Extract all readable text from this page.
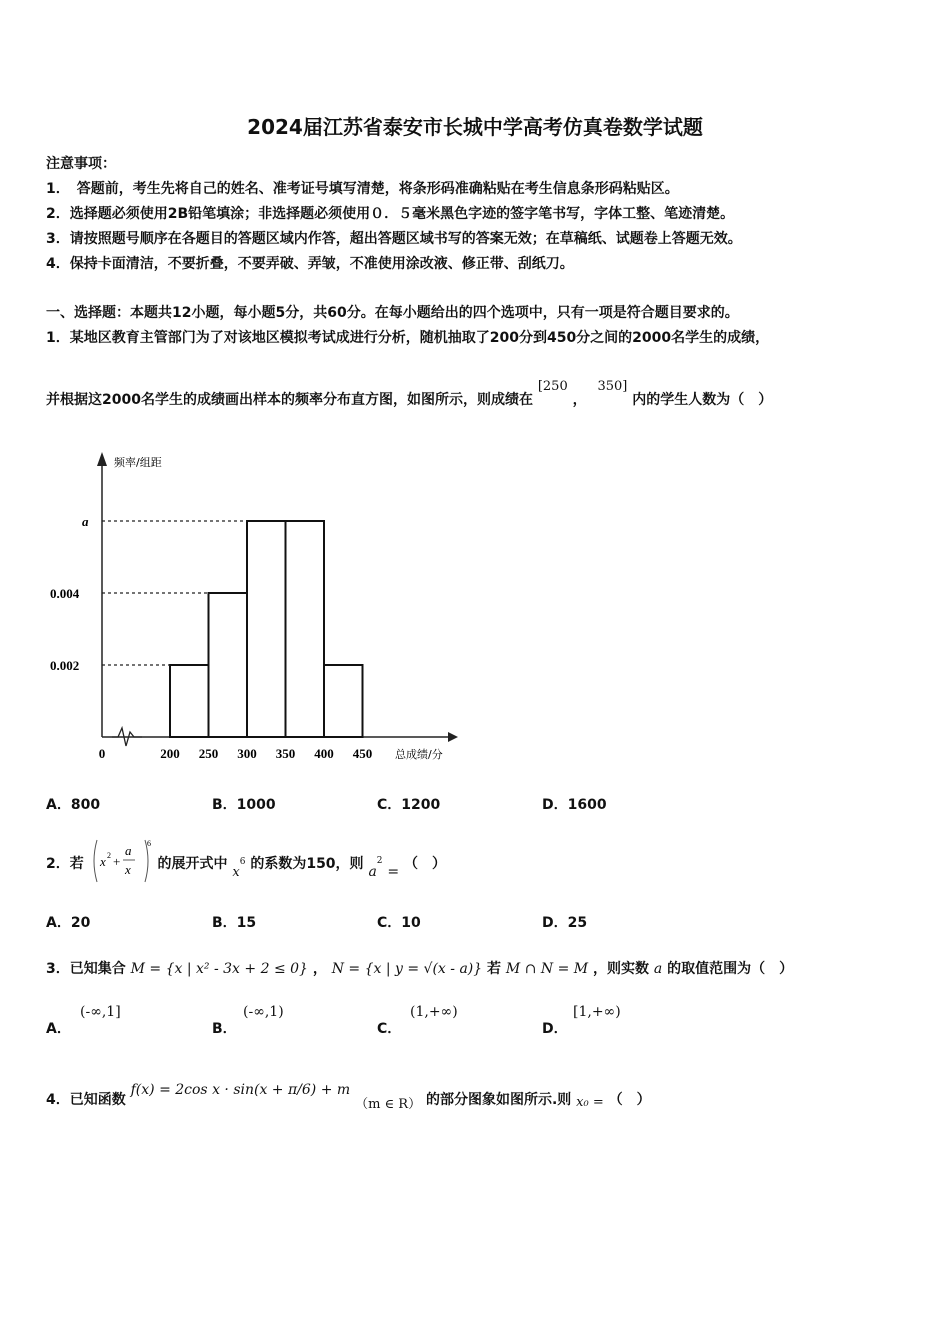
2024届江苏省泰安市长城中学高考仿真卷数学试题
注意事项：
1．　答题前，考生先将自己的姓名、准考证号填写清楚，将条形码准确粘贴在考生信息条形码粘贴区。
2．选择题必须使用2B铅笔填涂；非选择题必须使用０．５毫米黑色字迹的签字笔书写，字体工整、笔迹清楚。
3．请按照题号顺序在各题目的答题区域内作答，超出答题区域书写的答案无效；在草稿纸、试题卷上答题无效。
4．保持卡面清洁，不要折叠，不要弄破、弄皱，不准使用涂改液、修正带、刮纸刀。
一、选择题：本题共12小题，每小题5分，共60分。在每小题给出的四个选项中，只有一项是符合题目要求的。
1．某地区教育主管部门为了对该地区模拟考试成进行分析，随机抽取了200分到450分之间的2000名学生的成绩，
并根据这2000名学生的成绩画出样本的频率分布直方图，如图所示，则成绩在 [250 ， 350] 内的学生人数为（　）
频率/组距
总成绩/分
0.002
0.004
a
0	200 250 300 350 400 450
A．800	B．1000	C．1200	D．1600
2．若 x 2 +
a
x
6
的展开式中 $x^6$ 的系数为150，则 $a^2$ = （　）
A．20	B．15	C．10	D．25
3．已知集合 M = {x | x² - 3x + 2 ≤ 0} ， N = {x | y = √(x - a)} 若 M ∩ N = M ，则实数 a 的取值范围为（　）
A．
(-∞,1]
B．
(-∞,1)
C．
(1,+∞)
D．
[1,+∞)
4．已知函数 f(x) = 2cos x · sin(x + π/6) + m （m ∈ R） 的部分图象如图所示.则 x₀ = （　）
